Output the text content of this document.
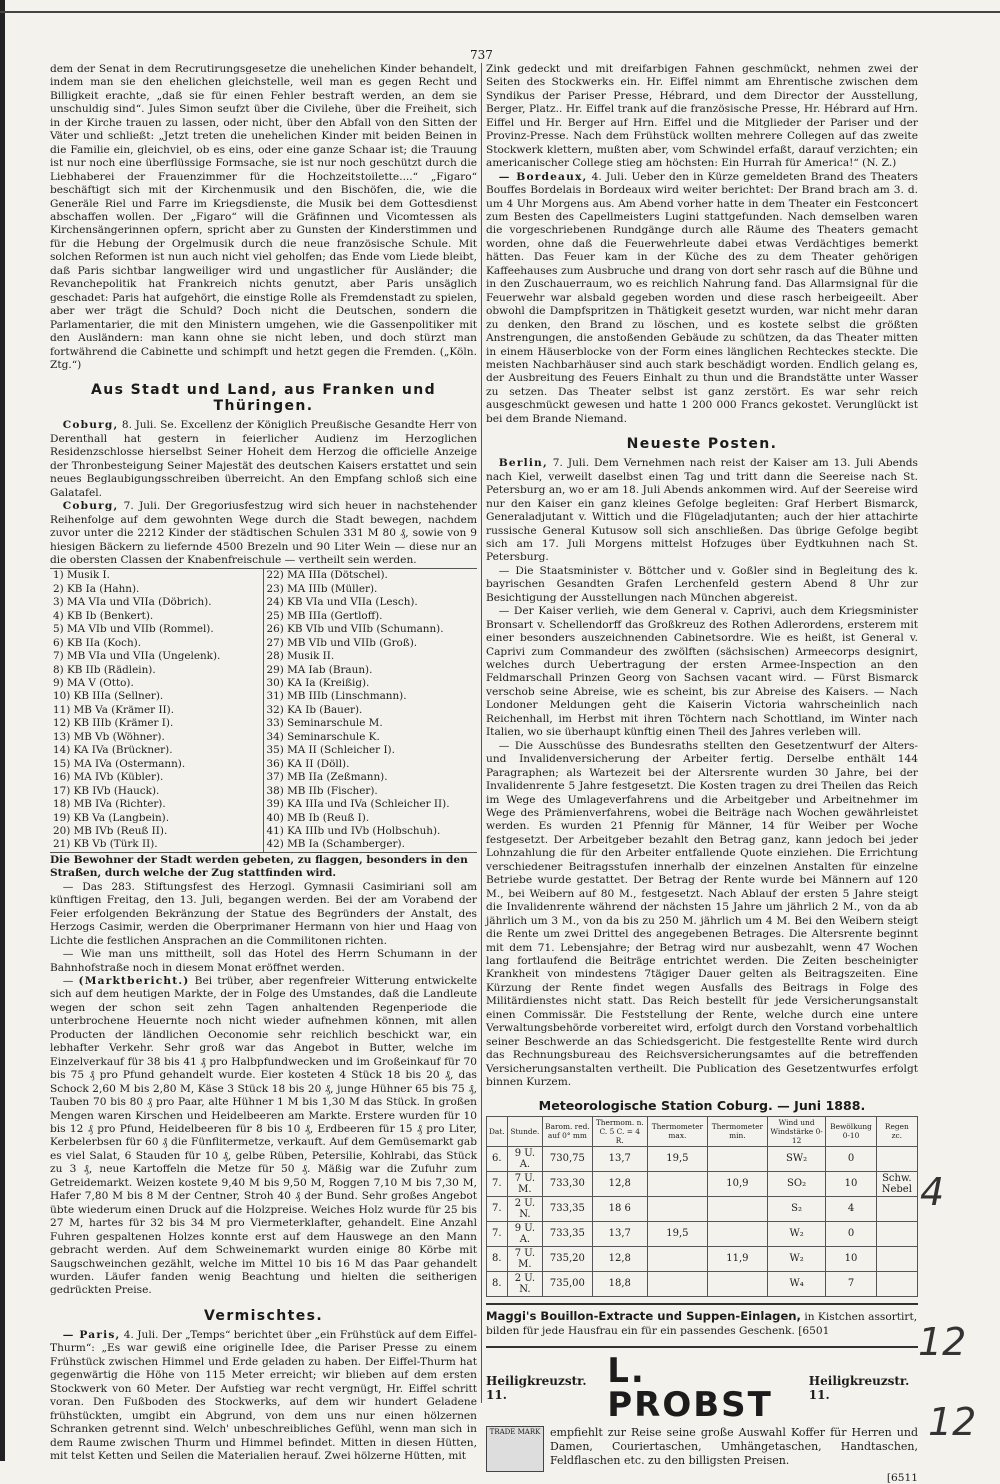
737

dem der Senat in dem Recrutirungsgesetze die unehelichen Kinder behandelt, indem man sie den ehelichen gleichstelle, weil man es gegen Recht und Billigkeit erachte, „daß sie für einen Fehler bestraft werden, an dem sie unschuldig sind“. Jules Simon seufzt über die Civilehe, über die Freiheit, sich in der Kirche trauen zu lassen, oder nicht, über den Abfall von den Sitten der Väter und schließt: „Jetzt treten die unehelichen Kinder mit beiden Beinen in die Familie ein, gleichviel, ob es eins, oder eine ganze Schaar ist; die Trauung ist nur noch eine überflüssige Formsache, sie ist nur noch geschützt durch die Liebhaberei der Frauenzimmer für die Hochzeitstoilette....“ „Figaro“ beschäftigt sich mit der Kirchenmusik und den Bischöfen, die, wie die Generäle Riel und Farre im Kriegsdienste, die Musik bei dem Gottesdienst abschaffen wollen. Der „Figaro“ will die Gräfinnen und Vicomtessen als Kirchensängerinnen opfern, spricht aber zu Gunsten der Kinderstimmen und für die Hebung der Orgelmusik durch die neue französische Schule. Mit solchen Reformen ist nun auch nicht viel geholfen; das Ende vom Liede bleibt, daß Paris sichtbar langweiliger wird und ungastlicher für Ausländer; die Revanchepolitik hat Frankreich nichts genutzt, aber Paris unsäglich geschadet: Paris hat aufgehört, die einstige Rolle als Fremdenstadt zu spielen, aber wer trägt die Schuld? Doch nicht die Deutschen, sondern die Parlamentarier, die mit den Ministern umgehen, wie die Gassenpolitiker mit den Ausländern: man kann ohne sie nicht leben, und doch stürzt man fortwährend die Cabinette und schimpft und hetzt gegen die Fremden. („Köln. Ztg.“)

Aus Stadt und Land, aus Franken und Thüringen.

Coburg, 8. Juli. Se. Excellenz der Königlich Preußische Gesandte Herr von Derenthall hat gestern in feierlicher Audienz im Herzoglichen Residenzschlosse hierselbst Seiner Hoheit dem Herzog die officielle Anzeige der Thronbesteigung Seiner Majestät des deutschen Kaisers erstattet und sein neues Beglaubigungsschreiben überreicht. An den Empfang schloß sich eine Galatafel.

Coburg, 7. Juli. Der Gregoriusfestzug wird sich heuer in nachstehender Reihenfolge auf dem gewohnten Wege durch die Stadt bewegen, nachdem zuvor unter die 2212 Kinder der städtischen Schulen 331 M 80 ₰, sowie von 9 hiesigen Bäckern zu liefernde 4500 Brezeln und 90 Liter Wein — diese nur an die obersten Classen der Knabenfreischule — vertheilt sein werden.

1) Musik I.	22) MA IIIa (Dötschel).
2) KB Ia (Hahn).	23) MA IIIb (Müller).
3) MA VIa und VIIa (Döbrich).	24) KB VIa und VIIa (Lesch).
4) KB Ib (Benkert).	25) MB IIIa (Gertloff).
5) MA VIb und VIIb (Rommel).	26) KB VIb und VIIb (Schumann).
6) KB IIa (Koch).	27) MB VIb und VIIb (Groß).
7) MB VIa und VIIa (Ungelenk).	28) Musik II.
8) KB IIb (Rädlein).	29) MA Iab (Braun).
9) MA V (Otto).	30) KA Ia (Kreißig).
10) KB IIIa (Sellner).	31) MB IIIb (Linschmann).
11) MB Va (Krämer II).	32) KA Ib (Bauer).
12) KB IIIb (Krämer I).	33) Seminarschule M.
13) MB Vb (Wöhner).	34) Seminarschule K.
14) KA IVa (Brückner).	35) MA II (Schleicher I).
15) MA IVa (Ostermann).	36) KA II (Döll).
16) MA IVb (Kübler).	37) MB IIa (Zeßmann).
17) KB IVb (Hauck).	38) MB IIb (Fischer).
18) MB IVa (Richter).	39) KA IIIa und IVa (Schleicher II).
19) KB Va (Langbein).	40) MB Ib (Reuß I).
20) MB IVb (Reuß II).	41) KA IIIb und IVb (Holbschuh).
21) KB Vb (Türk II).	42) MB Ia (Schamberger).

Die Bewohner der Stadt werden gebeten, zu flaggen, besonders in den Straßen, durch welche der Zug stattfinden wird.

— Das 283. Stiftungsfest des Herzogl. Gymnasii Casimiriani soll am künftigen Freitag, den 13. Juli, begangen werden. Bei der am Vorabend der Feier erfolgenden Bekränzung der Statue des Begründers der Anstalt, des Herzogs Casimir, werden die Oberprimaner Hermann von hier und Haag von Lichte die festlichen Ansprachen an die Commilitonen richten.

— Wie man uns mittheilt, soll das Hotel des Herrn Schumann in der Bahnhofstraße noch in diesem Monat eröffnet werden.

— (Marktbericht.) Bei trüber, aber regenfreier Witterung entwickelte sich auf dem heutigen Markte, der in Folge des Umstandes, daß die Landleute wegen der schon seit zehn Tagen anhaltenden Regenperiode die unterbrochene Heuernte noch nicht wieder aufnehmen können, mit allen Producten der ländlichen Oeconomie sehr reichlich beschickt war, ein lebhafter Verkehr. Sehr groß war das Angebot in Butter, welche im Einzelverkauf für 38 bis 41 ₰ pro Halbpfundwecken und im Großeinkauf für 70 bis 75 ₰ pro Pfund gehandelt wurde. Eier kosteten 4 Stück 18 bis 20 ₰, das Schock 2,60 M bis 2,80 M, Käse 3 Stück 18 bis 20 ₰, junge Hühner 65 bis 75 ₰, Tauben 70 bis 80 ₰ pro Paar, alte Hühner 1 M bis 1,30 M das Stück. In großen Mengen waren Kirschen und Heidelbeeren am Markte. Erstere wurden für 10 bis 12 ₰ pro Pfund, Heidelbeeren für 8 bis 10 ₰, Erdbeeren für 15 ₰ pro Liter, Kerbelerbsen für 60 ₰ die Fünflitermetze, verkauft. Auf dem Gemüsemarkt gab es viel Salat, 6 Stauden für 10 ₰, gelbe Rüben, Petersilie, Kohlrabi, das Stück zu 3 ₰, neue Kartoffeln die Metze für 50 ₰. Mäßig war die Zufuhr zum Getreidemarkt. Weizen kostete 9,40 M bis 9,50 M, Roggen 7,10 M bis 7,30 M, Hafer 7,80 M bis 8 M der Centner, Stroh 40 ₰ der Bund. Sehr großes Angebot übte wiederum einen Druck auf die Holzpreise. Weiches Holz wurde für 25 bis 27 M, hartes für 32 bis 34 M pro Viermeterklafter, gehandelt. Eine Anzahl Fuhren gespaltenen Holzes konnte erst auf dem Hauswege an den Mann gebracht werden. Auf dem Schweinemarkt wurden einige 80 Körbe mit Saugschweinchen gezählt, welche im Mittel 10 bis 16 M das Paar gehandelt wurden. Läufer fanden wenig Beachtung und hielten die seitherigen gedrückten Preise.

Vermischtes.

— Paris, 4. Juli. Der „Temps“ berichtet über „ein Frühstück auf dem Eiffel-Thurm“: „Es war gewiß eine originelle Idee, die Pariser Presse zu einem Frühstück zwischen Himmel und Erde geladen zu haben. Der Eiffel-Thurm hat gegenwärtig die Höhe von 115 Meter erreicht; wir blieben auf dem ersten Stockwerk von 60 Meter. Der Aufstieg war recht vergnügt, Hr. Eiffel schritt voran. Den Fußboden des Stockwerks, auf dem wir hundert Geladene frühstückten, umgibt ein Abgrund, von dem uns nur einen hölzernen Schranken getrennt sind. Welch' unbeschreibliches Gefühl, wenn man sich in dem Raume zwischen Thurm und Himmel befindet. Mitten in diesen Hütten, mit telst Ketten und Seilen die Materialien herauf. Zwei hölzerne Hütten, mit

Zink gedeckt und mit dreifarbigen Fahnen geschmückt, nehmen zwei der Seiten des Stockwerks ein. Hr. Eiffel nimmt am Ehrentische zwischen dem Syndikus der Pariser Presse, Hébrard, und dem Director der Ausstellung, Berger, Platz.. Hr. Eiffel trank auf die französische Presse, Hr. Hébrard auf Hrn. Eiffel und Hr. Berger auf Hrn. Eiffel und die Mitglieder der Pariser und der Provinz-Presse. Nach dem Frühstück wollten mehrere Collegen auf das zweite Stockwerk klettern, mußten aber, vom Schwindel erfaßt, darauf verzichten; ein americanischer College stieg am höchsten: Ein Hurrah für America!“ (N. Z.)

— Bordeaux, 4. Juli. Ueber den in Kürze gemeldeten Brand des Theaters Bouffes Bordelais in Bordeaux wird weiter berichtet: Der Brand brach am 3. d. um 4 Uhr Morgens aus. Am Abend vorher hatte in dem Theater ein Festconcert zum Besten des Capellmeisters Lugini stattgefunden. Nach demselben waren die vorgeschriebenen Rundgänge durch alle Räume des Theaters gemacht worden, ohne daß die Feuerwehrleute dabei etwas Verdächtiges bemerkt hätten. Das Feuer kam in der Küche des zu dem Theater gehörigen Kaffeehauses zum Ausbruche und drang von dort sehr rasch auf die Bühne und in den Zuschauerraum, wo es reichlich Nahrung fand. Das Allarmsignal für die Feuerwehr war alsbald gegeben worden und diese rasch herbeigeeilt. Aber obwohl die Dampfspritzen in Thätigkeit gesetzt wurden, war nicht mehr daran zu denken, den Brand zu löschen, und es kostete selbst die größten Anstrengungen, die anstoßenden Gebäude zu schützen, da das Theater mitten in einem Häuserblocke von der Form eines länglichen Rechteckes steckte. Die meisten Nachbarhäuser sind auch stark beschädigt worden. Endlich gelang es, der Ausbreitung des Feuers Einhalt zu thun und die Brandstätte unter Wasser zu setzen. Das Theater selbst ist ganz zerstört. Es war sehr reich ausgeschmückt gewesen und hatte 1 200 000 Francs gekostet. Verunglückt ist bei dem Brande Niemand.

Neueste Posten.

Berlin, 7. Juli. Dem Vernehmen nach reist der Kaiser am 13. Juli Abends nach Kiel, verweilt daselbst einen Tag und tritt dann die Seereise nach St. Petersburg an, wo er am 18. Juli Abends ankommen wird. Auf der Seereise wird nur den Kaiser ein ganz kleines Gefolge begleiten: Graf Herbert Bismarck, Generaladjutant v. Wittich und die Flügeladjutanten; auch der hier attachirte russische General Kutusow soll sich anschließen. Das übrige Gefolge begibt sich am 17. Juli Morgens mittelst Hofzuges über Eydtkuhnen nach St. Petersburg.

— Die Staatsminister v. Böttcher und v. Goßler sind in Begleitung des k. bayrischen Gesandten Grafen Lerchenfeld gestern Abend 8 Uhr zur Besichtigung der Ausstellungen nach München abgereist.

— Der Kaiser verlieh, wie dem General v. Caprivi, auch dem Kriegsminister Bronsart v. Schellendorff das Großkreuz des Rothen Adlerordens, ersterem mit einer besonders auszeichnenden Cabinetsordre. Wie es heißt, ist General v. Caprivi zum Commandeur des zwölften (sächsischen) Armeecorps designirt, welches durch Uebertragung der ersten Armee-Inspection an den Feldmarschall Prinzen Georg von Sachsen vacant wird. — Fürst Bismarck verschob seine Abreise, wie es scheint, bis zur Abreise des Kaisers. — Nach Londoner Meldungen geht die Kaiserin Victoria wahrscheinlich nach Reichenhall, im Herbst mit ihren Töchtern nach Schottland, im Winter nach Italien, wo sie überhaupt künftig einen Theil des Jahres verleben will.

— Die Ausschüsse des Bundesraths stellten den Gesetzentwurf der Alters- und Invalidenversicherung der Arbeiter fertig. Derselbe enthält 144 Paragraphen; als Wartezeit bei der Altersrente wurden 30 Jahre, bei der Invalidenrente 5 Jahre festgesetzt. Die Kosten tragen zu drei Theilen das Reich im Wege des Umlageverfahrens und die Arbeitgeber und Arbeitnehmer im Wege des Prämienverfahrens, wobei die Beiträge nach Wochen gewährleistet werden. Es wurden 21 Pfennig für Männer, 14 für Weiber per Woche festgesetzt. Der Arbeitgeber bezahlt den Betrag ganz, kann jedoch bei jeder Lohnzahlung die für den Arbeiter entfallende Quote einziehen. Die Errichtung verschiedener Beitragsstufen innerhalb der einzelnen Anstalten für einzelne Betriebe wurde gestattet. Der Betrag der Rente wurde bei Männern auf 120 M., bei Weibern auf 80 M., festgesetzt. Nach Ablauf der ersten 5 Jahre steigt die Invalidenrente während der nächsten 15 Jahre um jährlich 2 M., von da ab jährlich um 3 M., von da bis zu 250 M. jährlich um 4 M. Bei den Weibern steigt die Rente um zwei Drittel des angegebenen Betrages. Die Altersrente beginnt mit dem 71. Lebensjahre; der Betrag wird nur ausbezahlt, wenn 47 Wochen lang fortlaufend die Beiträge entrichtet werden. Die Zeiten bescheinigter Krankheit von mindestens 7tägiger Dauer gelten als Beitragszeiten. Eine Kürzung der Rente findet wegen Ausfalls des Beitrags in Folge des Militärdienstes nicht statt. Das Reich bestellt für jede Versicherungsanstalt einen Commissär. Die Feststellung der Rente, welche durch eine untere Verwaltungsbehörde vorbereitet wird, erfolgt durch den Vorstand vorbehaltlich seiner Beschwerde an das Schiedsgericht. Die festgestellte Rente wird durch das Rechnungsbureau des Reichsversicherungsamtes auf die betreffenden Versicherungsanstalten vertheilt. Die Publication des Gesetzentwurfes erfolgt binnen Kurzem.

Meteorologische Station Coburg. — Juni 1888.
Dat.	Stunde.	Barom. red. auf 0° mm	Thermom. n. C. 5 C. = 4 R.	Thermometer max.	Thermometer min.	Wind und Windstärke 0-12	Bewölkung 0-10	Regen zc.
6.	9 U. A.	730,75	13,7	19,5		SW₂	0	
7.	7 U. M.	733,30	12,8		10,9	SO₂	10	Schw. Nebel
7.	2 U. N.	733,35	18 6			S₂	4	
7.	9 U. A.	733,35	13,7	19,5		W₂	0	
8.	7 U. M.	735,20	12,8		11,9	W₂	10	
8.	2 U. N.	735,00	18,8			W₄	7	
Maggi's Bouillon-Extracte und Suppen-Einlagen, in Kistchen assortirt, bilden für jede Hausfrau ein für ein passendes Geschenk. [6501
Heiligkreuzstr. 11.
L. PROBST
Heiligkreuzstr. 11.
TRADE MARK empfiehlt zur Reise seine große Auswahl Koffer für Herren und Damen, Couriertaschen, Umhängetaschen, Handtaschen, Feldflaschen etc. zu den billigsten Preisen.

[6511
4
12
12
